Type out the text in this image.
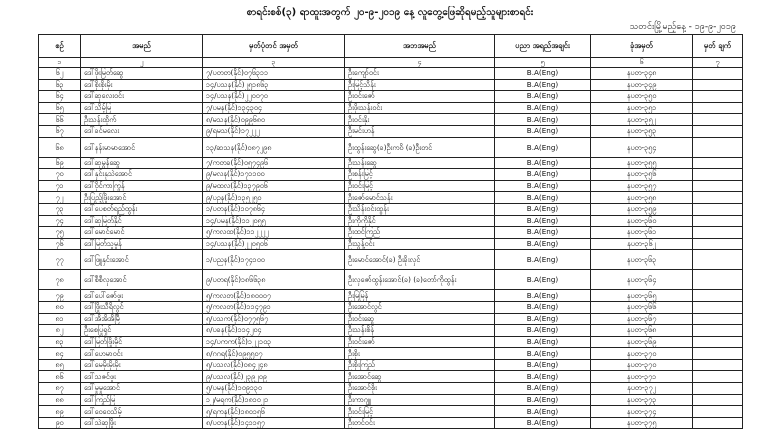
စာရင်းစစ်(၃) ရာထူးအတွက် ၂၀-၉-၂၀၁၉ နေ့ လူတွေ့ဖြေဆိုရမည့်သူများစာရင်း
သတင်းမြို့မည့်နေ့ - ၁၉-၉-၂၀၁၉
စဉ်	အမည်	မှတ်ပုံတင် အမှတ်	အဘအမည်	ပညာ အရည်အချင်း	ခုံအမှတ်	မှတ် ချက်
၁	၂	၃	၄	၅	၆	၇
၆၂	ဒေါ်ဖိုးမြတ်ဆွေ	၇/ပတတ(နိုင်)၀၇၆၃၁၁	ဦးကျော်ဝင်း	B.A(Eng)	နပတ-၃၄၈	
၆၃	ဒေါ်စိုးစိုးမိုး	၁၄/ပသန(နိုင်)၂၅၁၈၆၃	ဦးမြင့်သိန်း	B.A(Eng)	နပတ-၃၄၉	
၆၄	ဒေါ်ဆုလေးဝင်း	၁၄/ပသန(နိုင်)၂၂၀၀၇၀	ဦးဝင်းဇော်	B.A(Eng)	နပတ-၃၅၀	
၆၅	ဒေါ်သိမ့်မြ	၇/ပမန(နိုင်)၁၃၄၃၀၄	ဦးဖိုးသန်းဝင်း	B.A(Eng)	နပတ-၃၅၁	
၆၆	ဦးသန်းထိုက်	၈/မသန(နိုင်)၀၉၉၆၈၀	ဦးဝင်းနိုး	B.A(Eng)	နပတ-၃၅၂	
၆၇	ဒေါ်ခင်မလေး	၉/ရမသ(နိုင်)၁၇၂၂၂	ဦးမင်းဟန်	B.A(Eng)	နပတ-၃၅၃	
၆၈	ဒေါ်နန်းမာမာအောင်	၁၃/ဆသန(နိုင်)၀၈၇၂၉၈	ဦးထွန်းဆွေ(ခ)ဦးကဝိ (ခ)ဦးတင်	B.A(Eng)	နပတ-၃၅၄	
၆၉	ဒေါ်ဆုမွန်ဆွေ	၇/ကတခ(နိုင်)၀၅၇၄၉၆	ဦးသန်းဆွေ	B.A(Eng)	နပတ-၃၅၅	
၇၀	ဒေါ်နှင်းနုသဲအောင်	၉/မလန(နိုင်)၁၇၁၁၀၀	ဦးစန်းမြင့်	B.A(Eng)	နပတ-၃၅၆	
၇၁	ဒေါ်ဝိုင်ကာကြွန်	၉/မထလ(နိုင်)၁၃၇၉၀၆	ဦးဝင်းမြင့်	B.A(Eng)	နပတ-၃၅၇	
၇၂	ဦးပြည့်ဖြိုးအောင်	၉/ပဥန(နိုင်)၁၃၅၂၅၀	ဦးဇော်မောင်သန်း	B.A(Eng)	နပတ-၃၅၈	
၇၃	ဒေါ်ပေစတ်ရည်ထွန်း	၁/ပတန(နိုင်)၁၀၇၈၆၄	ဦးသိန်းဝင်းထွန်း	B.A(Eng)	နပတ-၃၅၉	
၇၄	ဒေါ်ဆုမြတ်နိုင်	၁၄/ပမန(နိုင်)၁၁၂၀၅၅	ဦးကိုကိုနိုင်	B.A(Eng)	နပတ-၃၆၀	
၇၅	ဒေါ်မောင်မောင်	၅/ကလထ(နိုင်)၁၁၂၂၂၂	ဦးထင်ကြည်	B.A(Eng)	နပတ-၃၆၁	
၇၆	ဒေါ်မြတ်သူမှုန်	၁၄/ပသန(နိုင်)၂၂၀၅၀၆	ဦးသွန့်ဝင်း	B.A(Eng)	နပတ-၃၆၂	
၇၇	ဒေါ်ဖြူနှင်းအောင်	၁/ပညန(နိုင်)၁၇၄၁၀၀	ဦးမောင်အောင်(ခ) ဦးခိုးလှင်	B.A(Eng)	နပတ-၃၆၃	
၇၈	ဒေါ်စီစီလှအောင်	၉/ပတရ(နိုင်)၁၈၆၆၃၈	ဦးလှဇော်ထွန်းအောင်(ခ) (ခ)တော်ကိုထွန်း	B.A(Eng)	နပတ-၃၆၄	
၇၉	ဒေါ်ပေါ်ဇော်ဖူး	၅/ကလတ(နိုင်)၁၈၀၀၀၇	ဦးမြမြန်	B.A(Eng)	နပတ-၃၆၅	
၈၀	ဒေါ်ဖြိုးသီရိလွင်	၅/ကလတ(နိုင်)၁၁၄၇၉၁	ဦးအောင်လွင်	B.A(Eng)	နပတ-၃၆၆	
၈၁	ဒေါ်အိအိအိမြီ	၅/ပသက(နိုင်)၀၇၇၅၆၇	ဦးဝင်းဆွေ	B.A(Eng)	နပတ-၃၆၇	
၈၂	ဦးစေပြုရှင်	၈/ပခန(နိုင်)၁၁၄၂၀၄	ဦးသန်းစိန်	B.A(Eng)	နပတ-၃၆၈	
၈၃	ဒေါ်မြတ်ဖြိုးမိုင်	၁၄/ပကက(နိုင်)၁၂၂၁၀၃	ဦးဝင်းဇော်	B.A(Eng)	နပတ-၃၆၉	
၈၄	ဒေါ်ဟေမာဝင်း	၈/ဂဂရ(နိုင်)၀၉၅၅၀၇	ဦးစိုး	B.A(Eng)	နပတ-၃၇၀	
၈၅	ဒေါ်မေမိုးမိုးမိုး	၅/ပသလ(နိုင်)၀၈၄၂၄၈	ဦးစိုးကြည်	B.A(Eng)	နပတ-၃၇၀	
၈၆	ဒေါ်သဇင်ဖူး	၉/ပသလ(နိုင်)၂၃၉၂၀၉	ဦးအောင်ဆွေ	B.A(Eng)	နပတ-၃၇၁	
၈၇	ဒေါ်မှုမှုအောင်	၅/ပမန(နိုင်)၁၀၉၁၃၀	ဦးအောင်စိုး	B.A(Eng)	နပတ-၃၇၂	
၈၈	ဒေါ်ကြည်မြ	၁၂/မရက(နိုင်)၁၈၁၀၂၁	ဦးကာဂျူ	B.A(Eng)	နပတ-၃၇၃	
၈၉	ဒေါ်ဝေဝေသိမ့်	၅/ရကန(နိုင်)၁၈၀၁၅၆	ဦးဝင်းမြင့်	B.A(Eng)	နပတ-၃၇၄	
၉၀	ဒေါ်သဲဆုဖြိုး	၈/ပတန(နိုင်)၁၄၁၁၅၇	ဦးတင်ဝင်း	B.A(Eng)	နပတ-၃၇၅	
